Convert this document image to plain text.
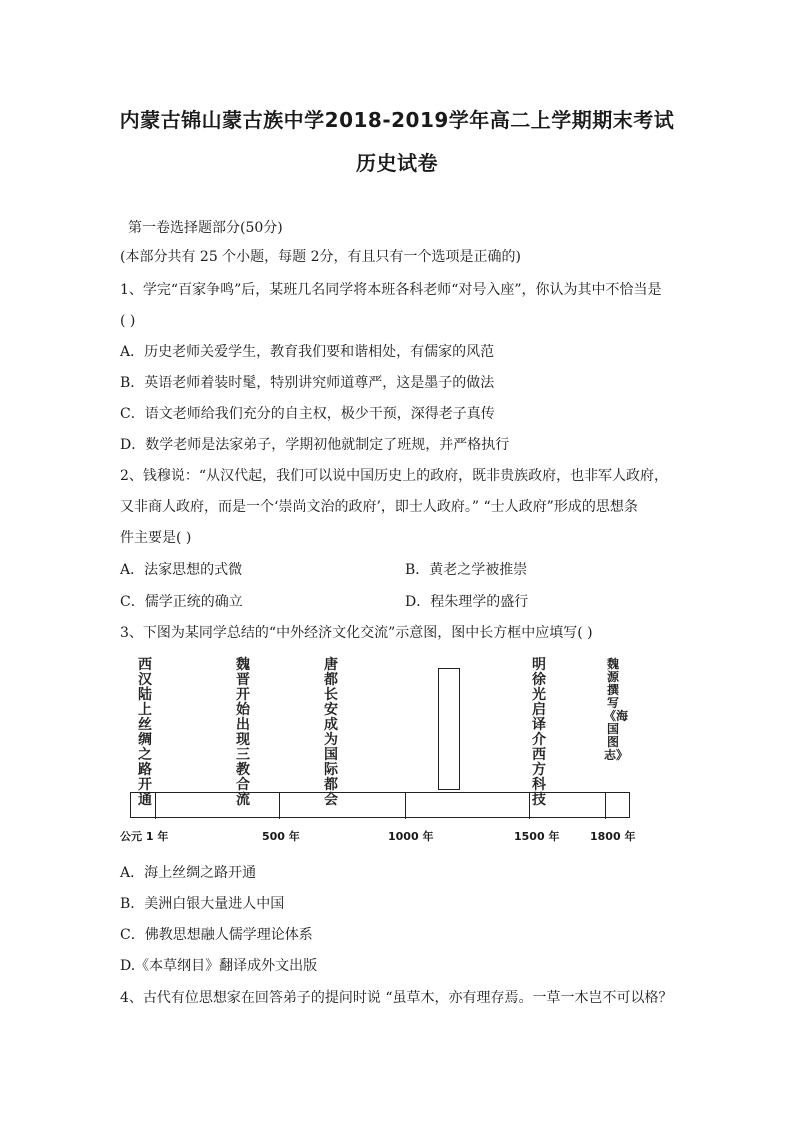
内蒙古锦山蒙古族中学2018-2019学年高二上学期期末考试
历史试卷
第一卷选择题部分(50分)
(本部分共有 25 个小题，每题 2分，有且只有一个选项是正确的)
1、学完“百家争鸣”后，某班几名同学将本班各科老师“对号入座”，你认为其中不恰当是
( )
A．历史老师关爱学生，教育我们要和谐相处，有儒家的风范
B．英语老师着装时髦，特别讲究师道尊严，这是墨子的做法
C．语文老师给我们充分的自主权，极少干预，深得老子真传
D．数学老师是法家弟子，学期初他就制定了班规，并严格执行
2、钱穆说：“从汉代起，我们可以说中国历史上的政府，既非贵族政府，也非军人政府，
又非商人政府，而是一个‘崇尚文治的政府’，即士人政府。” “士人政府”形成的思想条
件主要是( )
A．法家思想的式微	B．黄老之学被推崇
C．儒学正统的确立	D．程朱理学的盛行
3、下图为某同学总结的“中外经济文化交流”示意图，图中长方框中应填写( )
西汉陆上丝绸之路开通
魏晋开始出现三教合流
唐都长安成为国际都会
明徐光启译介西方科技
魏源撰写《海国图志》
公元 1 年	500 年	1000 年	1500 年	1800 年
A．海上丝绸之路开通
B．美洲白银大量进人中国
C．佛教思想融人儒学理论体系
D.《本草纲目》翻译成外文出版
4、古代有位思想家在回答弟子的提问时说 “虽草木，亦有理存焉。一草一木岂不可以格？
